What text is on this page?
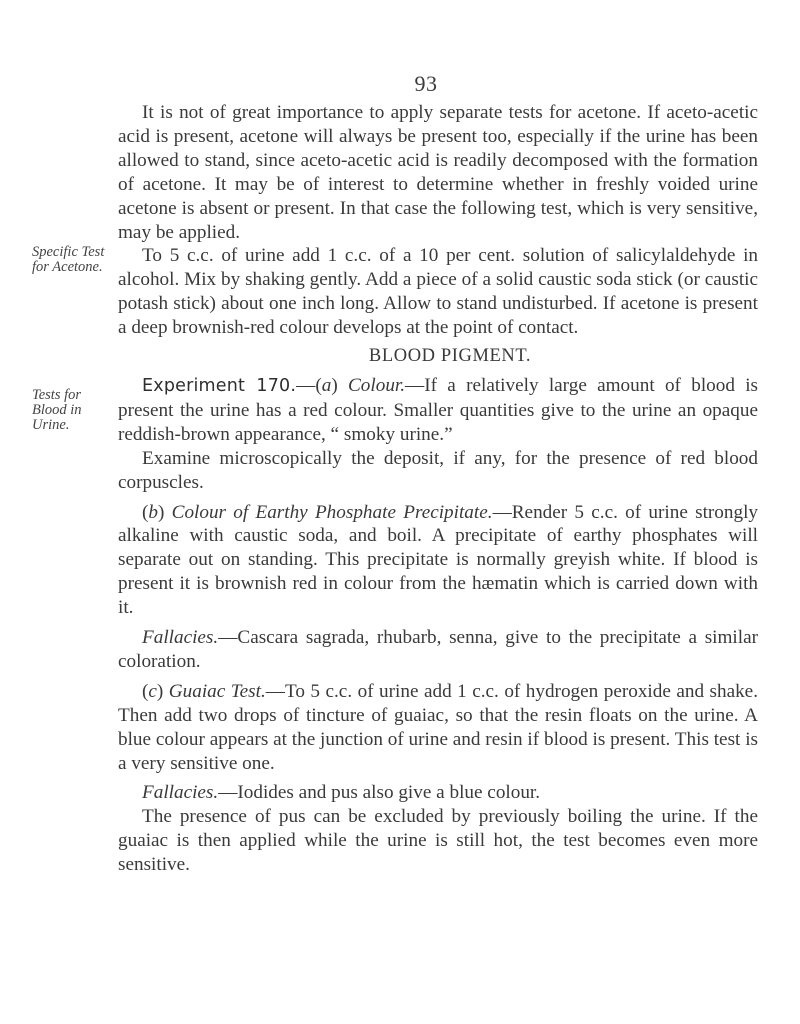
93
Specific Test for Acetone.
Tests for Blood in Urine.

It is not of great importance to apply separate tests for acetone. If aceto-acetic acid is present, acetone will always be present too, especially if the urine has been allowed to stand, since aceto-acetic acid is readily decomposed with the formation of acetone. It may be of interest to determine whether in freshly voided urine acetone is absent or present. In that case the following test, which is very sensitive, may be applied.

To 5 c.c. of urine add 1 c.c. of a 10 per cent. solution of salicylaldehyde in alcohol. Mix by shaking gently. Add a piece of a solid caustic soda stick (or caustic potash stick) about one inch long. Allow to stand undisturbed. If acetone is present a deep brownish-red colour develops at the point of contact.

BLOOD PIGMENT.

Experiment 170.—(a) Colour.—If a relatively large amount of blood is present the urine has a red colour. Smaller quantities give to the urine an opaque reddish-brown appearance, “ smoky urine.”

Examine microscopically the deposit, if any, for the presence of red blood corpuscles.

(b) Colour of Earthy Phosphate Precipitate.—Render 5 c.c. of urine strongly alkaline with caustic soda, and boil. A precipitate of earthy phosphates will separate out on standing. This precipitate is normally greyish white. If blood is present it is brownish red in colour from the hæmatin which is carried down with it.

Fallacies.—Cascara sagrada, rhubarb, senna, give to the precipitate a similar coloration.

(c) Guaiac Test.—To 5 c.c. of urine add 1 c.c. of hydrogen peroxide and shake. Then add two drops of tincture of guaiac, so that the resin floats on the urine. A blue colour appears at the junction of urine and resin if blood is present. This test is a very sensitive one.

Fallacies.—Iodides and pus also give a blue colour.

The presence of pus can be excluded by previously boiling the urine. If the guaiac is then applied while the urine is still hot, the test becomes even more sensitive.
